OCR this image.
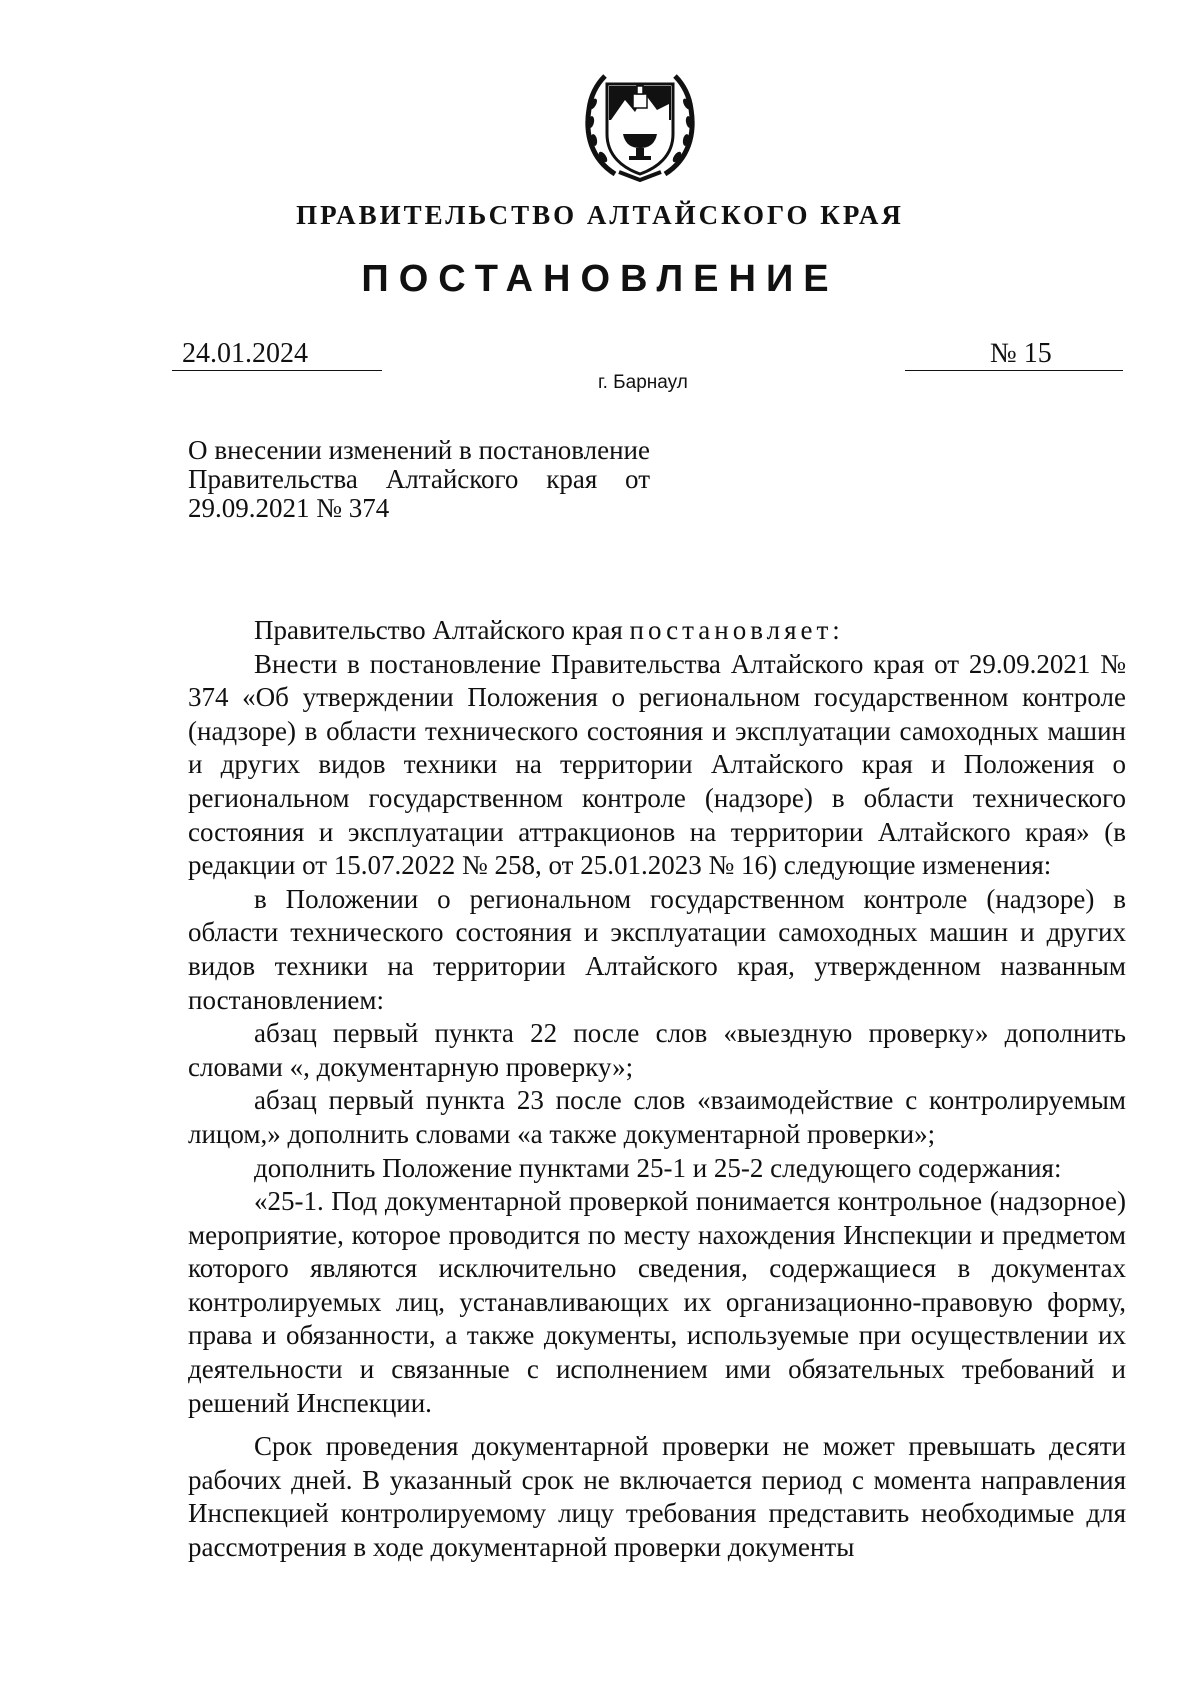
ПРАВИТЕЛЬСТВО АЛТАЙСКОГО КРАЯ
ПОСТАНОВЛЕНИЕ
24.01.2024	№ 15
г. Барнаул
О внесении изменений в постановление Правительства Алтайского края от 29.09.2021 № 374

Правительство Алтайского края постановляет:

Внести в постановление Правительства Алтайского края от 29.09.2021 № 374 «Об утверждении Положения о региональном государственном контроле (надзоре) в области технического состояния и эксплуатации самоходных машин и других видов техники на территории Алтайского края и Положения о региональном государственном контроле (надзоре) в области технического состояния и эксплуатации аттракционов на территории Алтайского края» (в редакции от 15.07.2022 № 258, от 25.01.2023 № 16) следующие изменения:

в Положении о региональном государственном контроле (надзоре) в области технического состояния и эксплуатации самоходных машин и других видов техники на территории Алтайского края, утвержденном названным постановлением:

абзац первый пункта 22 после слов «выездную проверку» дополнить словами «, документарную проверку»;

абзац первый пункта 23 после слов «взаимодействие с контролируемым лицом,» дополнить словами «а также документарной проверки»;

дополнить Положение пунктами 25-1 и 25-2 следующего содержания:

«25-1. Под документарной проверкой понимается контрольное (надзорное) мероприятие, которое проводится по месту нахождения Инспекции и предметом которого являются исключительно сведения, содержащиеся в документах контролируемых лиц, устанавливающих их организационно-правовую форму, права и обязанности, а также документы, используемые при осуществлении их деятельности и связанные с исполнением ими обязательных требований и решений Инспекции.

Срок проведения документарной проверки не может превышать десяти рабочих дней. В указанный срок не включается период с момента направления Инспекцией контролируемому лицу требования представить необходимые для рассмотрения в ходе документарной проверки документы
